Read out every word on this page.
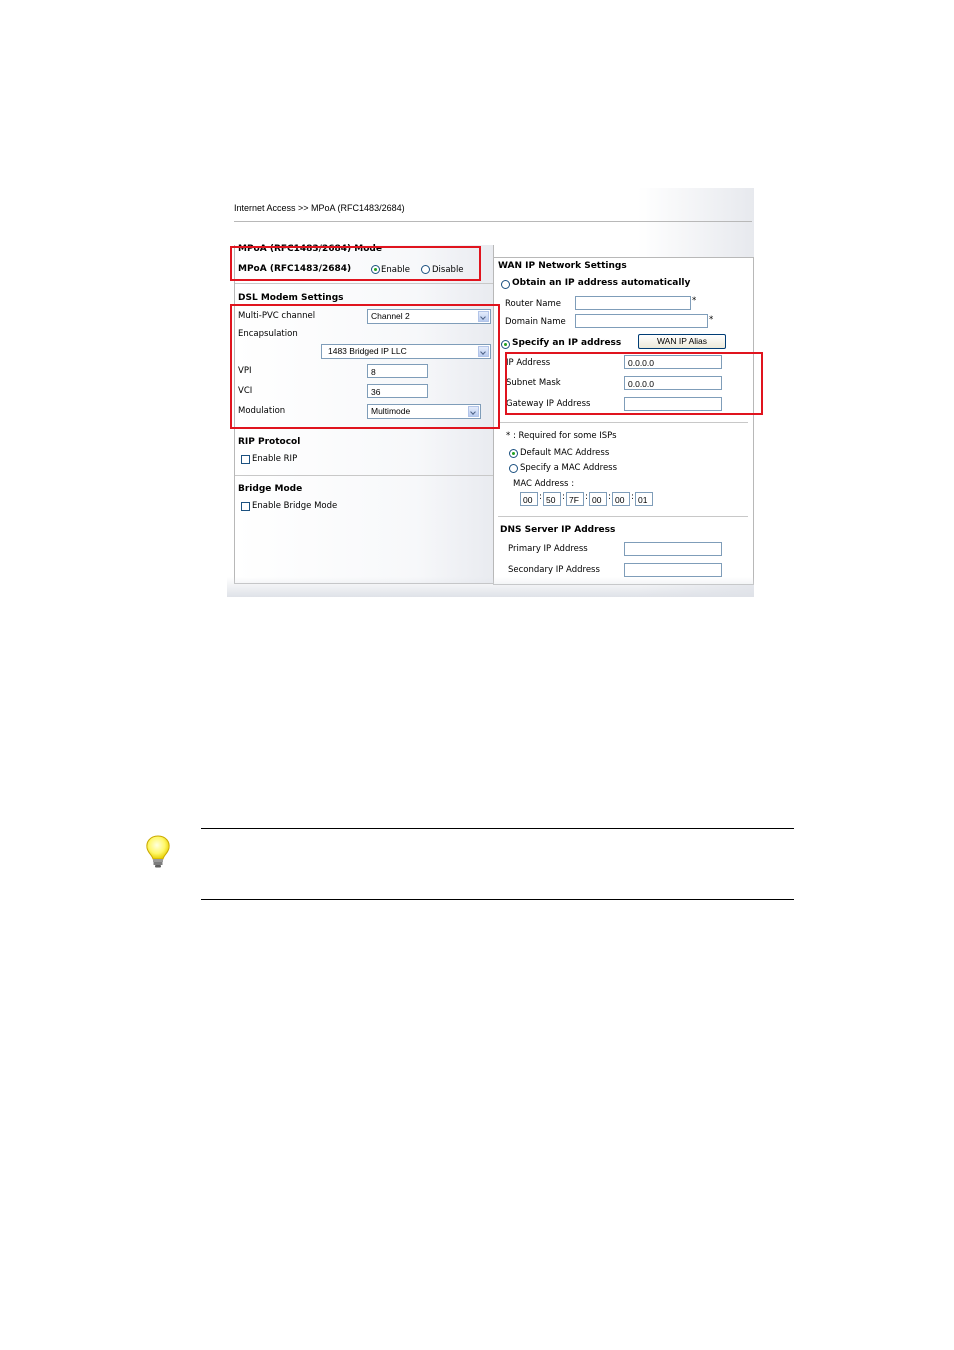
Internet Access >> MPoA (RFC1483/2684)
MPoA (RFC1483/2684) Mode
MPoA (RFC1483/2684)	Enable	Disable
DSL Modem Settings
Multi-PVC channel	Channel 2
Encapsulation
1483 Bridged IP LLC
VPI	8
VCI	36
Modulation	Multimode
RIP Protocol
Enable RIP
Bridge Mode
Enable Bridge Mode
WAN IP Network Settings
Obtain an IP address automatically
Router Name	*
Domain Name	*
Specify an IP address	WAN IP Alias
IP Address	0.0.0.0
Subnet Mask	0.0.0.0
Gateway IP Address
* : Required for some ISPs
Default MAC Address
Specify a MAC Address
MAC Address :
00 : 50 : 7F : 00 : 00 : 01
DNS Server IP Address
Primary IP Address
Secondary IP Address
